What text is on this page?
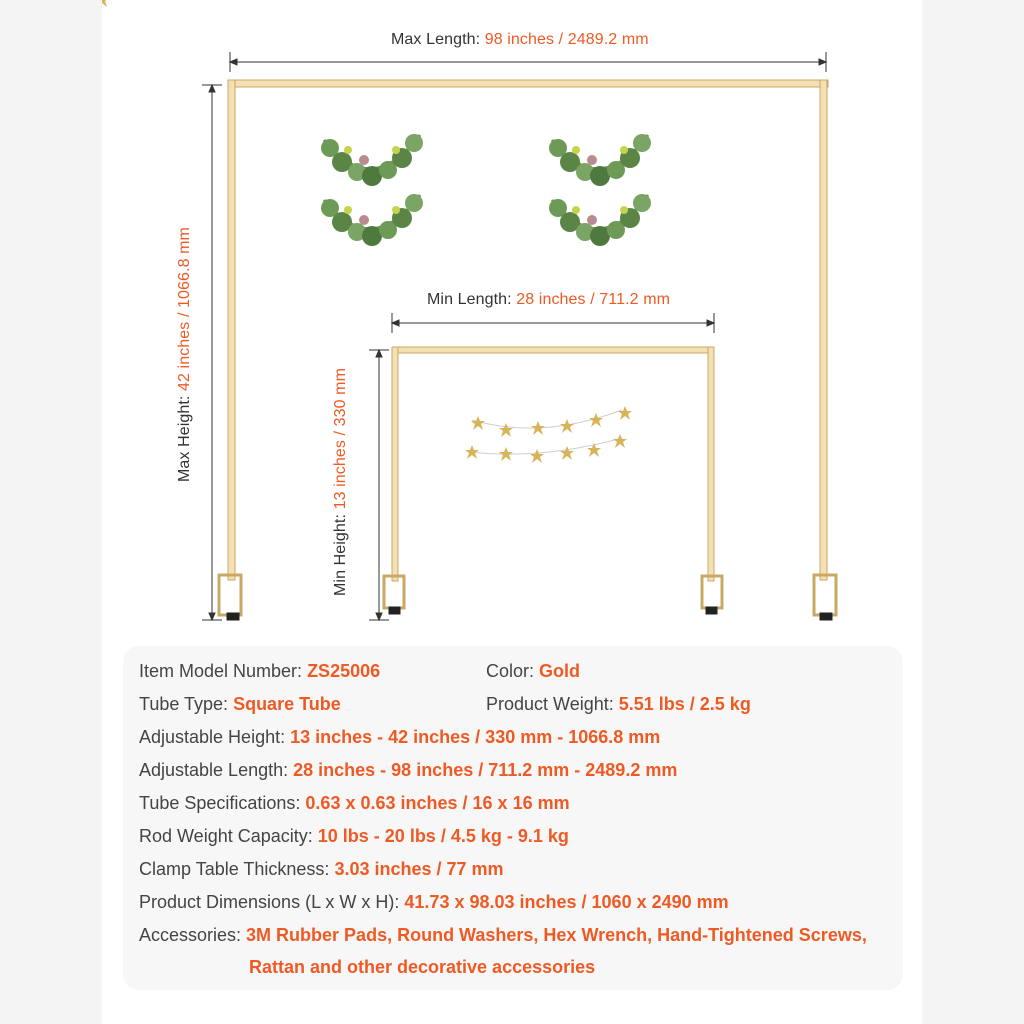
Max Length: 98 inches / 2489.2 mm
Max Height: 42 inches / 1066.8 mm	Min Length: 28 inches / 711.2 mm
Min Height: 13 inches / 330 mm
Item Model Number: ZS25006	Color: Gold
Tube Type: Square Tube	Product Weight: 5.51 lbs / 2.5 kg
Adjustable Height: 13 inches - 42 inches / 330 mm - 1066.8 mm
Adjustable Length: 28 inches - 98 inches / 711.2 mm - 2489.2 mm
Tube Specifications: 0.63 x 0.63 inches / 16 x 16 mm
Rod Weight Capacity: 10 lbs - 20 lbs / 4.5 kg - 9.1 kg
Clamp Table Thickness: 3.03 inches / 77 mm
Product Dimensions (L x W x H): 41.73 x 98.03 inches / 1060 x 2490 mm
Accessories: 3M Rubber Pads, Round Washers, Hex Wrench, Hand-Tightened Screws,
Rattan and other decorative accessories
